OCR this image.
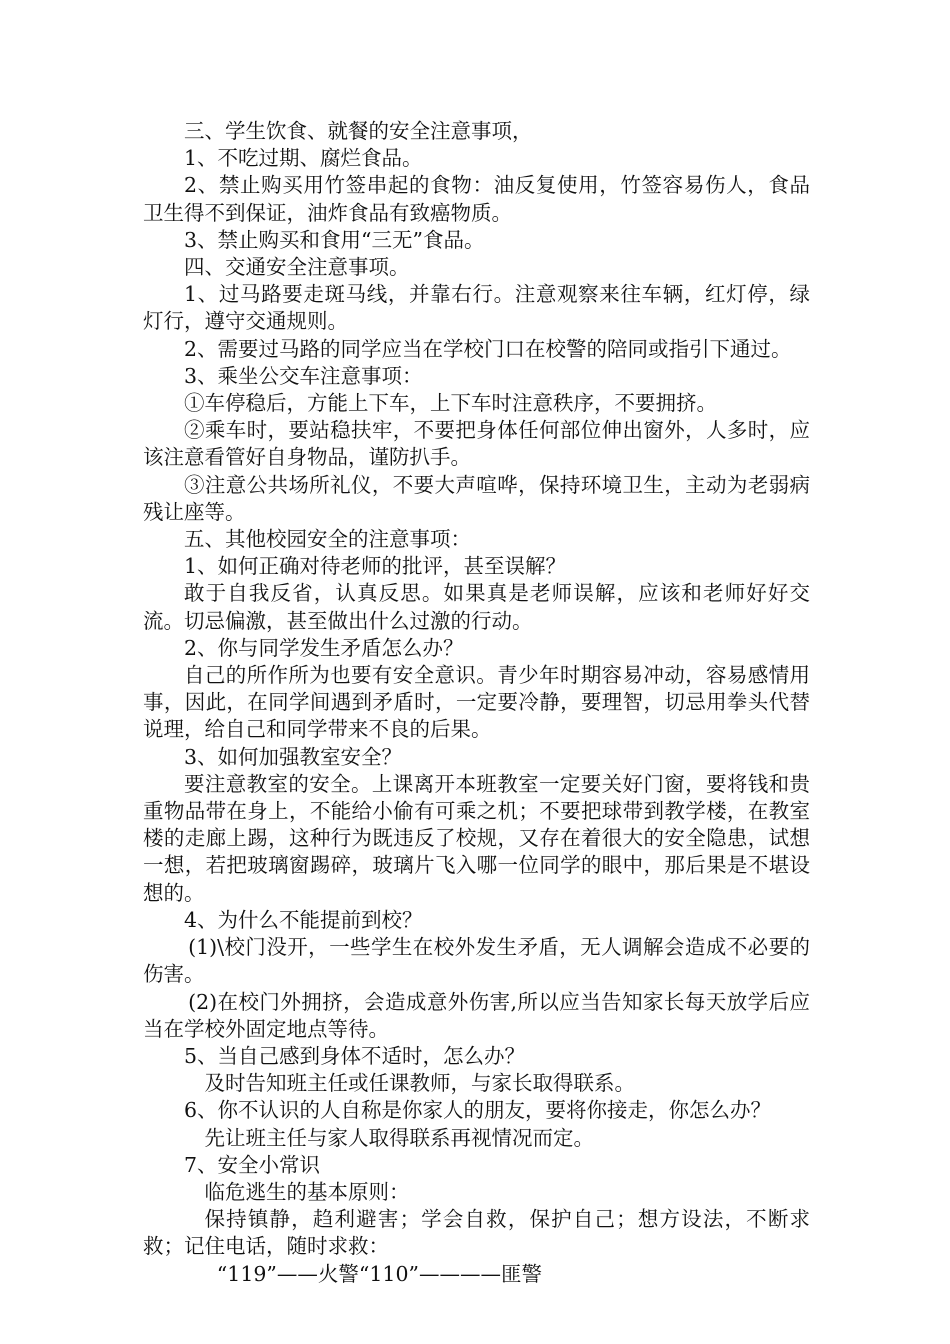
三、学生饮食、就餐的安全注意事项，

1、不吃过期、腐烂食品。

2、禁止购买用竹签串起的食物：油反复使用，竹签容易伤人，食品卫生得不到保证，油炸食品有致癌物质。

3、禁止购买和食用“三无”食品。

四、交通安全注意事项。

1、过马路要走斑马线，并靠右行。注意观察来往车辆，红灯停，绿灯行，遵守交通规则。

2、需要过马路的同学应当在学校门口在校警的陪同或指引下通过。

3、乘坐公交车注意事项：

①车停稳后，方能上下车，上下车时注意秩序，不要拥挤。

②乘车时，要站稳扶牢，不要把身体任何部位伸出窗外，人多时，应该注意看管好自身物品，谨防扒手。

③注意公共场所礼仪，不要大声喧哗，保持环境卫生，主动为老弱病残让座等。

五、其他校园安全的注意事项：

1、如何正确对待老师的批评，甚至误解？

敢于自我反省，认真反思。如果真是老师误解，应该和老师好好交流。切忌偏激，甚至做出什么过激的行动。

2、你与同学发生矛盾怎么办？

自己的所作所为也要有安全意识。青少年时期容易冲动，容易感情用事，因此，在同学间遇到矛盾时，一定要冷静，要理智，切忌用拳头代替说理，给自己和同学带来不良的后果。

3、如何加强教室安全？

要注意教室的安全。上课离开本班教室一定要关好门窗，要将钱和贵重物品带在身上，不能给小偷有可乘之机；不要把球带到教学楼，在教室楼的走廊上踢，这种行为既违反了校规，又存在着很大的安全隐患，试想一想，若把玻璃窗踢碎，玻璃片飞入哪一位同学的眼中，那后果是不堪设想的。

4、为什么不能提前到校？

(1)\校门没开，一些学生在校外发生矛盾，无人调解会造成不必要的伤害。

(2)在校门外拥挤，会造成意外伤害,所以应当告知家长每天放学后应当在学校外固定地点等待。

5、当自己感到身体不适时，怎么办？

及时告知班主任或任课教师，与家长取得联系。

6、你不认识的人自称是你家人的朋友，要将你接走，你怎么办？

先让班主任与家人取得联系再视情况而定。

7、安全小常识

临危逃生的基本原则：

保持镇静，趋利避害；学会自救，保护自己；想方设法，不断求救；记住电话，随时求救：

“119”——火警“110”————匪警
